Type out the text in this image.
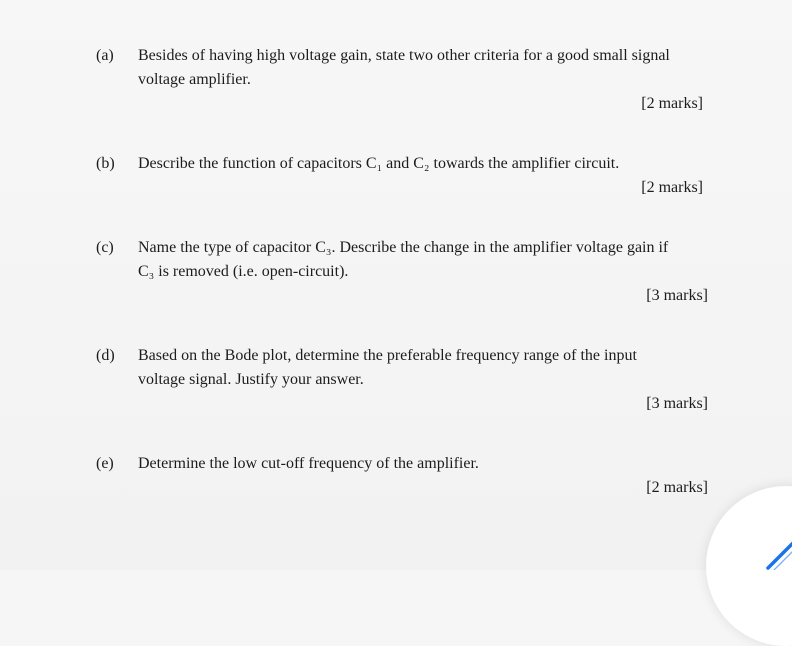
(a) Besides of having high voltage gain, state two other criteria for a good small signal
voltage amplifier.
[2 marks]
(b) Describe the function of capacitors C₁ and C₂ towards the amplifier circuit.
[2 marks]
(c) Name the type of capacitor C₃. Describe the change in the amplifier voltage gain if
C₃ is removed (i.e. open-circuit).
[3 marks]
(d) Based on the Bode plot, determine the preferable frequency range of the input
voltage signal. Justify your answer.
[3 marks]
(e) Determine the low cut-off frequency of the amplifier.
[2 marks]
